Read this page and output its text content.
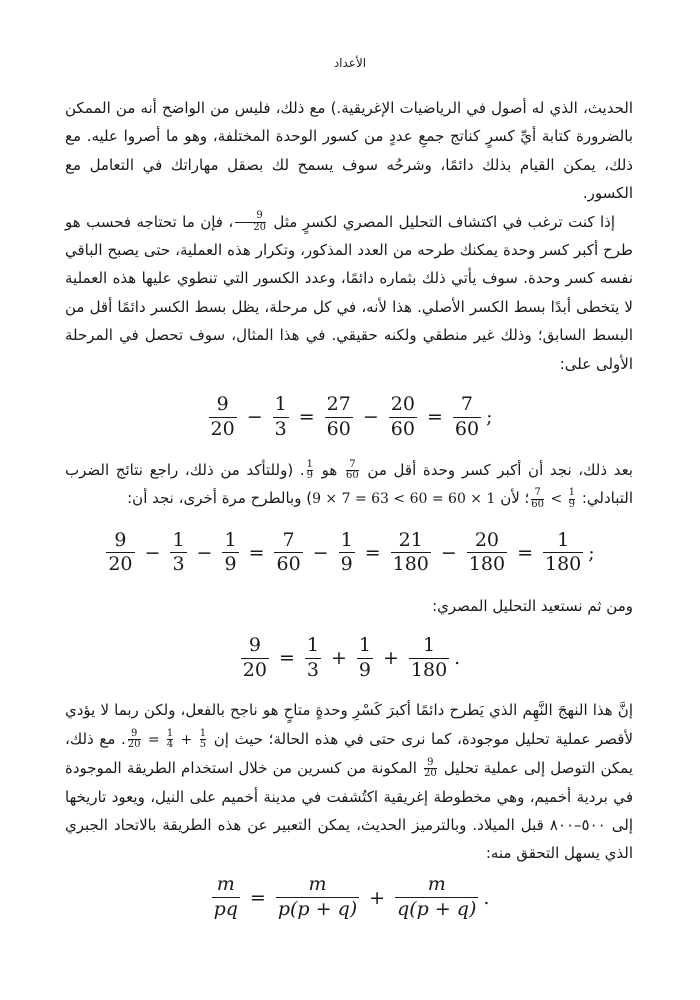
الأعداد

الحديث، الذي له أصول في الرياضيات الإغريقية.) مع ذلك، فليس من الواضح أنه من الممكن بالضرورة كتابة أيِّ كسرٍ كناتج جمعِ عددٍ من كسور الوحدة المختلفة، وهو ما أصروا عليه. مع ذلك، يمكن القيام بذلك دائمًا، وشرحُه سوف يسمح لك بصقل مهاراتك في التعامل مع الكسور.

إذا كنت ترغب في اكتشاف التحليل المصري لكسرٍ مثل
$\frac{9}{20}$
، فإن ما تحتاجه فحسب هو طرح أكبر كسر وحدة يمكنك طرحه من العدد المذكور، وتكرار هذه العملية، حتى يصبح الباقي نفسه كسر وحدة. سوف يأتي ذلك بثماره دائمًا، وعدد الكسور التي تنطوي عليها هذه العملية لا يتخطى أبدًا بسط الكسر الأصلي. هذا لأنه، في كل مرحلة، يظل بسط الكسر دائمًا أقل من البسط السابق؛ وذلك غير منطقي ولكنه حقيقي. في هذا المثال، سوف تحصل في المرحلة الأولى على:

$\frac{9}{20} - \frac{1}{3} = \frac{27}{60} - \frac{20}{60} = \frac{7}{60}$ ;

بعد ذلك، نجد أن أكبر كسر وحدة أقل من
$\frac{7}{60}$
هو
$\frac{1}{9}$
. (وللتأكد من ذلك، راجع نتائج الضرب التبادلي:
$\frac{7}{60} < \frac{1}{9}$
؛ لأن 9 × 7 = 63 < 60 = 60 × 1) وبالطرح مرة أخرى، نجد أن:

$\frac{9}{20} - \frac{1}{3} - \frac{1}{9} = \frac{7}{60} - \frac{1}{9} = \frac{21}{180} - \frac{20}{180} = \frac{1}{180}$ ;

ومن ثم نستعيد التحليل المصري:

$\frac{9}{20} = \frac{1}{3} + \frac{1}{9} + \frac{1}{180}$ .

إنَّ هذا النهجَ النَّهِم الذي يَطرح دائمًا أكبرَ كَسْرِ وحدةٍ متاحٍ هو ناجح بالفعل، ولكن ربما لا يؤدي لأقصر عملية تحليل موجودة، كما نرى حتى في هذه الحالة؛ حيث إن
$\frac{9}{20} = \frac{1}{4} + \frac{1}{5}$
. مع ذلك، يمكن التوصل إلى عملية تحليل
$\frac{9}{20}$
المكونة من كسرين من خلال استخدام الطريقة الموجودة في بردية أخميم، وهي مخطوطة إغريقية اكتُشفت في مدينة أخميم على النيل، ويعود تاريخها إلى ٥٠٠–٨٠٠ قبل الميلاد. وبالترميز الحديث، يمكن التعبير عن هذه الطريقة بالاتحاد الجبري الذي يسهل التحقق منه:

$\frac{m}{pq} = \frac{m}{p(p + q)} + \frac{m}{q(p + q)}$ .
